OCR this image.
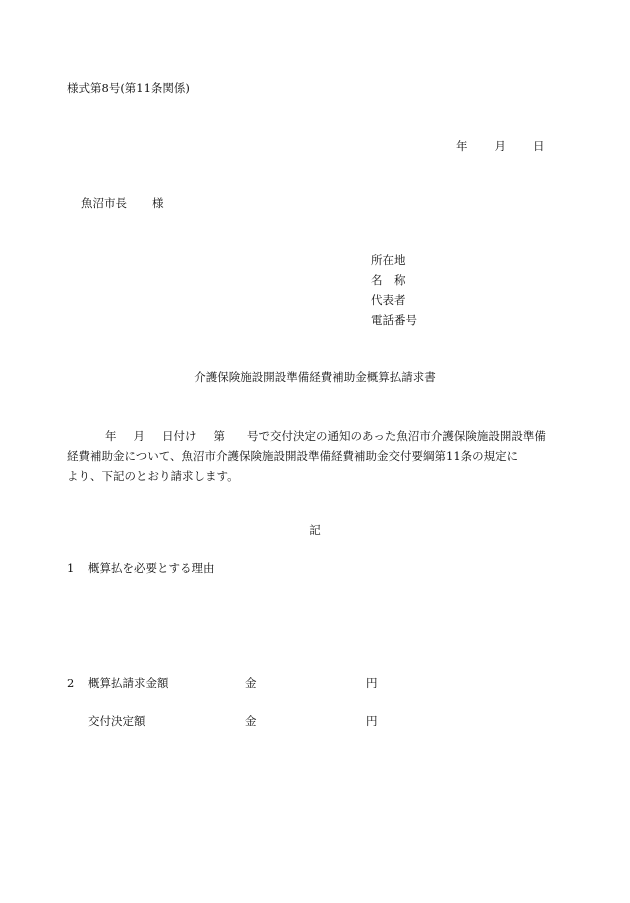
様式第8号(第11条関係)
年 月 日
魚沼市長 様
所在地
名　称
代表者
電話番号
介護保険施設開設準備経費補助金概算払請求書
年 月 日付け 第 号で交付決定の通知のあった魚沼市介護保険施設開設準備
経費補助金について、魚沼市介護保険施設開設準備経費補助金交付要綱第11条の規定に
より、下記のとおり請求します。
記
1 概算払を必要とする理由
2 概算払請求金額	金	円
交付決定額	金	円
